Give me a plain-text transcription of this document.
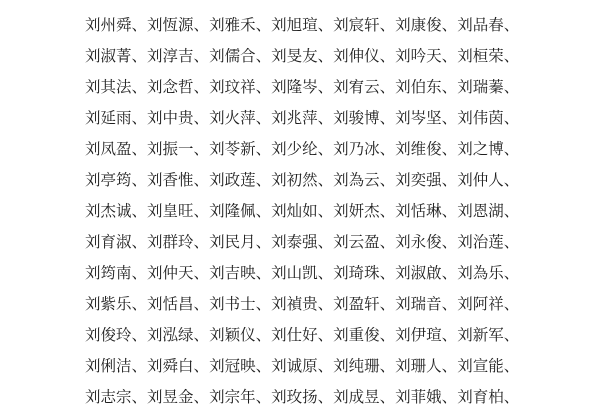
刘州舜 、 刘恆源 、 刘雅禾 、 刘旭瑄 、 刘宸轩 、 刘康俊 、 刘品春 、
刘淑菁 、 刘淳吉 、 刘儒合 、 刘旻友 、 刘伸仪 、 刘吟天 、 刘桓荣 、
刘其法 、 刘念哲 、 刘玟祥 、 刘隆岑 、 刘宥云 、 刘伯东 、 刘瑞蓁 、
刘延雨 、 刘中贵 、 刘火萍 、 刘兆萍 、 刘骏博 、 刘岑坚 、 刘伟茵 、
刘凤盈 、 刘振一 、 刘苓新 、 刘少纶 、 刘乃冰 、 刘维俊 、 刘之博 、
刘亭筠 、 刘香惟 、 刘政莲 、 刘初然 、 刘為云 、 刘奕强 、 刘仲人 、
刘杰诚 、 刘皇旺 、 刘隆佩 、 刘灿如 、 刘妍杰 、 刘恬琳 、 刘恩湖 、
刘育淑 、 刘群玲 、 刘民月 、 刘泰强 、 刘云盈 、 刘永俊 、 刘治莲 、
刘筠南 、 刘仲天 、 刘吉映 、 刘山凯 、 刘琦珠 、 刘淑啟 、 刘為乐 、
刘紫乐 、 刘恬昌 、 刘书士 、 刘禎贵 、 刘盈轩 、 刘瑞音 、 刘阿祥 、
刘俊玲 、 刘泓绿 、 刘颖仪 、 刘仕好 、 刘重俊 、 刘伊瑄 、 刘新军 、
刘俐洁 、 刘舜白 、 刘冠映 、 刘诚原 、 刘纯珊 、 刘珊人 、 刘宣能 、
刘志宗 、 刘昱金 、 刘宗年 、 刘玫扬 、 刘成昱 、 刘菲娥 、 刘育柏 、
